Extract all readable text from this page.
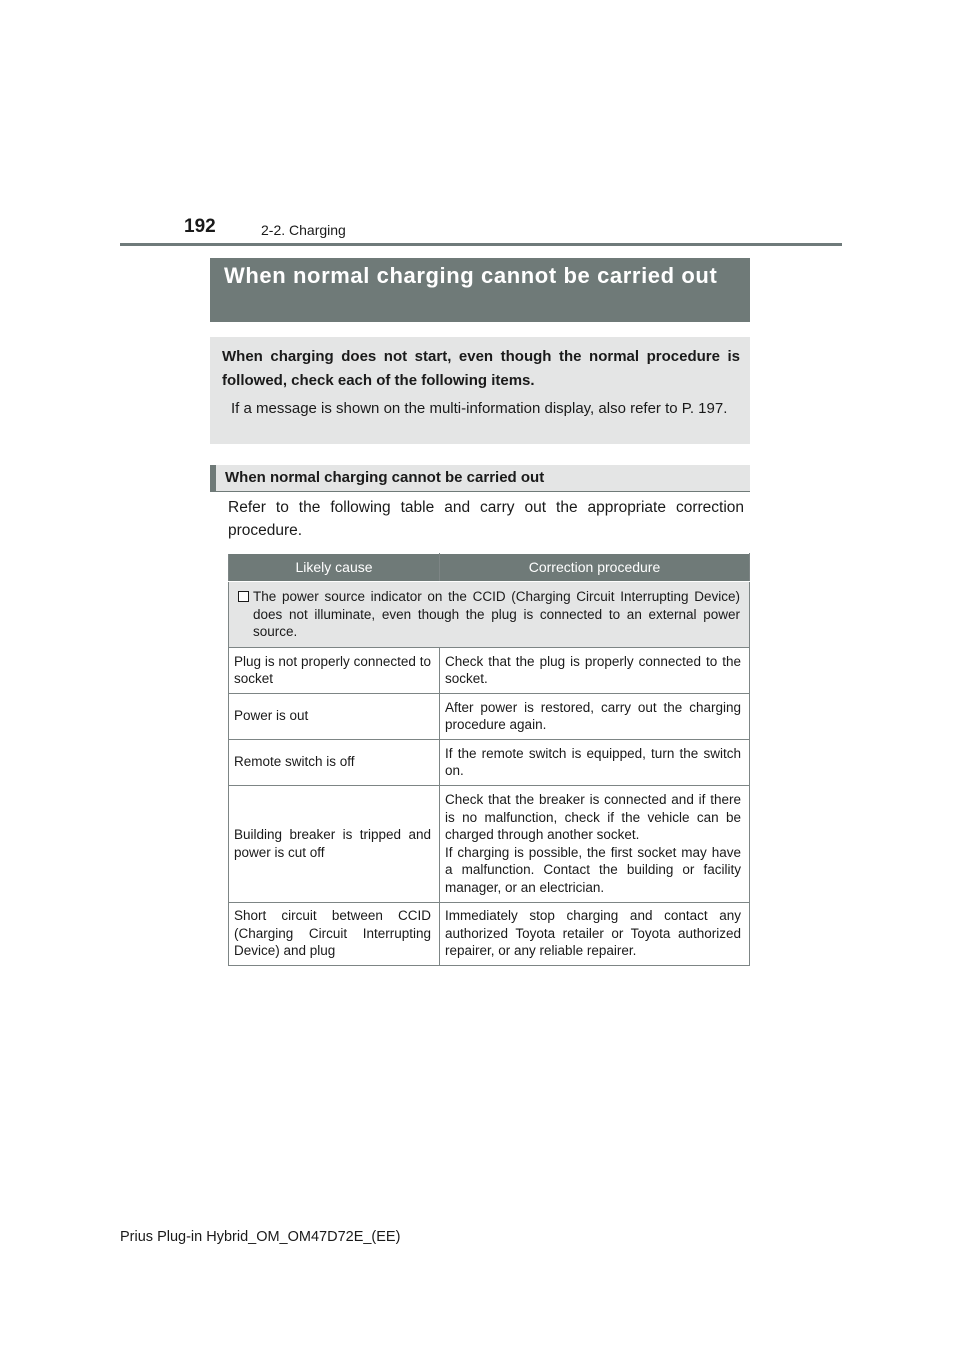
192	2-2. Charging
When normal charging cannot be carried out

When charging does not start, even though the normal procedure is followed, check each of the following items.

If a message is shown on the multi-information display, also refer to P. 197.

When normal charging cannot be carried out

Refer to the following table and carry out the appropriate correction procedure.

Likely cause	Correction procedure

The power source indicator on the CCID (Charging Circuit Interrupting Device) does not illuminate, even though the plug is connected to an external power source.	
Plug is not properly connected to socket	Check that the plug is properly connected to the socket.
Power is out	After power is restored, carry out the charging procedure again.
Remote switch is off	If the remote switch is equipped, turn the switch on.
Building breaker is tripped and power is cut off	Check that the breaker is connected and if there is no malfunction, check if the vehicle can be charged through another socket.
If charging is possible, the first socket may have a malfunction. Contact the building or facility manager, or an electrician.

Short circuit between CCID (Charging Circuit Interrupting Device) and plug	Immediately stop charging and contact any authorized Toyota retailer or Toyota authorized repairer, or any reliable repairer.
Prius Plug-in Hybrid_OM_OM47D72E_(EE)
